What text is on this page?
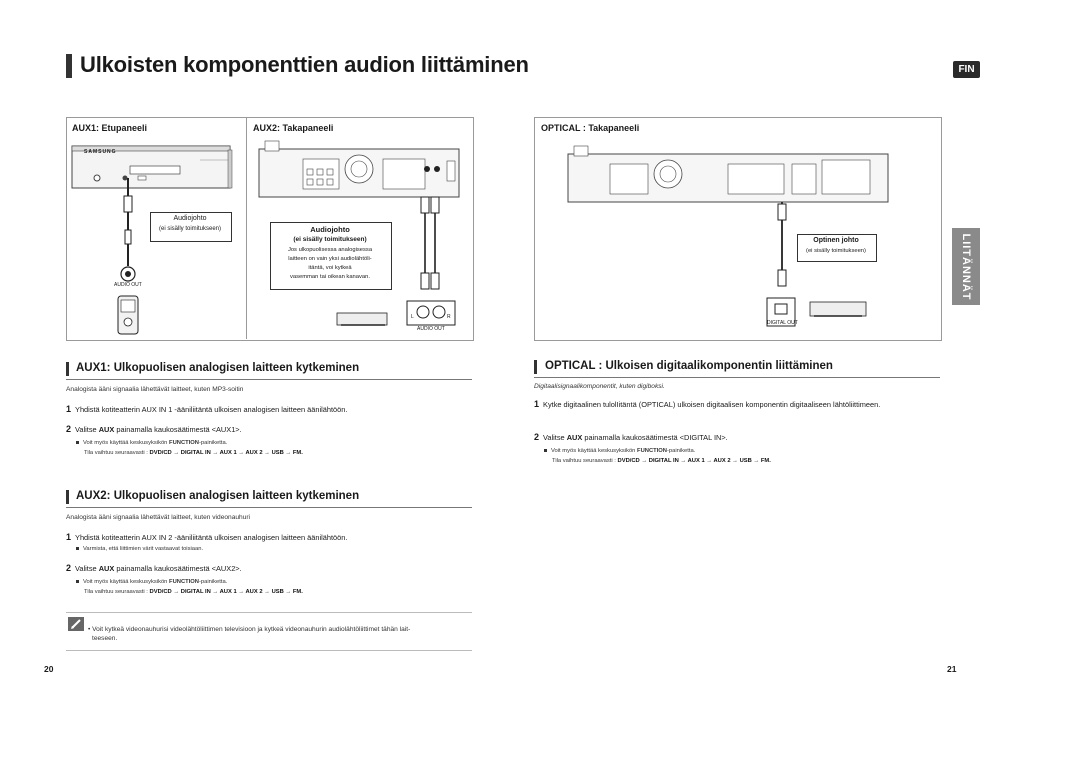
Ulkoisten komponenttien audion liittäminen	FIN
LIITÄNNÄT
AUX1: Etupaneeli	AUX2: Takapaneeli
SAMSUNG
Audiojohto
(ei sisälly toimitukseen)
AUDIO OUT
Audiojohto
(ei sisälly toimitukseen)
Jos ulkopuolisessa analogisessa
laitteen on vain yksi audiolähtöli-
itäntä, voi kytkeä
vasemman tai oikean kanavan.
L	R
AUDIO OUT
OPTICAL : Takapaneeli
Optinen johto
(ei sisälly toimitukseen)
DIGITAL OUT
AUX1: Ulkopuolisen analogisen laitteen kytkeminen
Analogista ääni signaalia lähettävät laitteet, kuten MP3-soitin
1 Yhdistä kotiteatterin AUX IN 1 -ääniliitäntä ulkoisen analogisen laitteen äänilähtöön.
2 Valitse AUX painamalla kaukosäätimestä <AUX1>.
Voit myös käyttää keskusyksikön FUNCTION-painiketta.
Tila vaihtuu seuraavasti : DVD/CD → DIGITAL IN → AUX 1 → AUX 2 → USB → FM.
AUX2: Ulkopuolisen analogisen laitteen kytkeminen
Analogista ääni signaalia lähettävät laitteet, kuten videonauhuri
1 Yhdistä kotiteatterin AUX IN 2 -ääniliitäntä ulkoisen analogisen laitteen äänilähtöön.
Varmista, että liittimien värit vastaavat toisiaan.
2 Valitse AUX painamalla kaukosäätimestä <AUX2>.
Voit myös käyttää keskusyksikön FUNCTION-painiketta.
Tila vaihtuu seuraavasti : DVD/CD → DIGITAL IN → AUX 1 → AUX 2 → USB → FM.
• Voit kytkeä videonauhurisi videolähtöliittimen televisioon ja kytkeä videonauhurin audiolähtöliittimet tähän lait-
teeseen.
OPTICAL : Ulkoisen digitaalikomponentin liittäminen
Digitaalisignaalikomponentit, kuten digiboksi.
1 Kytke digitaalinen tulolIitäntä (OPTICAL) ulkoisen digitaalisen komponentin digitaaliseen lähtöliittimeen.
2 Valitse AUX painamalla kaukosäätimestä <DIGITAL IN>.
Voit myös käyttää keskusyksikön FUNCTION-painiketta.
Tila vaihtuu seuraavasti : DVD/CD → DIGITAL IN → AUX 1 → AUX 2 → USB → FM.
20	21
